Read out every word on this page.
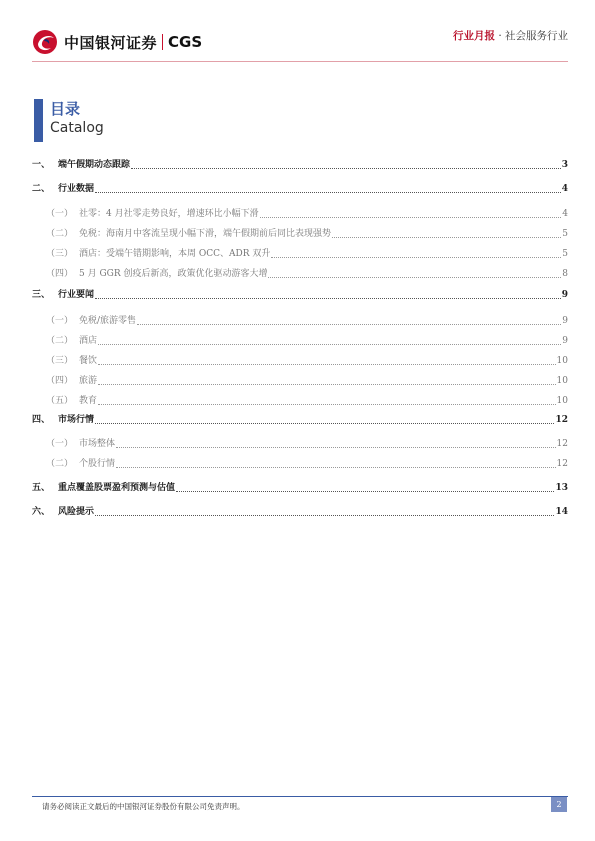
中国银河证券 CGS	行业月报 · 社会服务行业
目录
Catalog
一、 端午假期动态跟踪	3
二、 行业数据	4
（一） 社零：4 月社零走势良好，增速环比小幅下滑	4
（二） 免税：海南月中客流呈现小幅下滑，端午假期前后同比表现强势	5
（三） 酒店：受端午错期影响，本周 OCC、ADR 双升	5
（四） 5 月 GGR 创疫后新高，政策优化驱动游客大增	8
三、 行业要闻	9
（一） 免税/旅游零售	9
（二） 酒店	9
（三） 餐饮	10
（四） 旅游	10
（五） 教育	10
四、 市场行情	12
（一） 市场整体	12
（二） 个股行情	12
五、 重点覆盖股票盈利预测与估值	13
六、 风险提示	14
请务必阅读正文最后的中国银河证券股份有限公司免责声明。	2
